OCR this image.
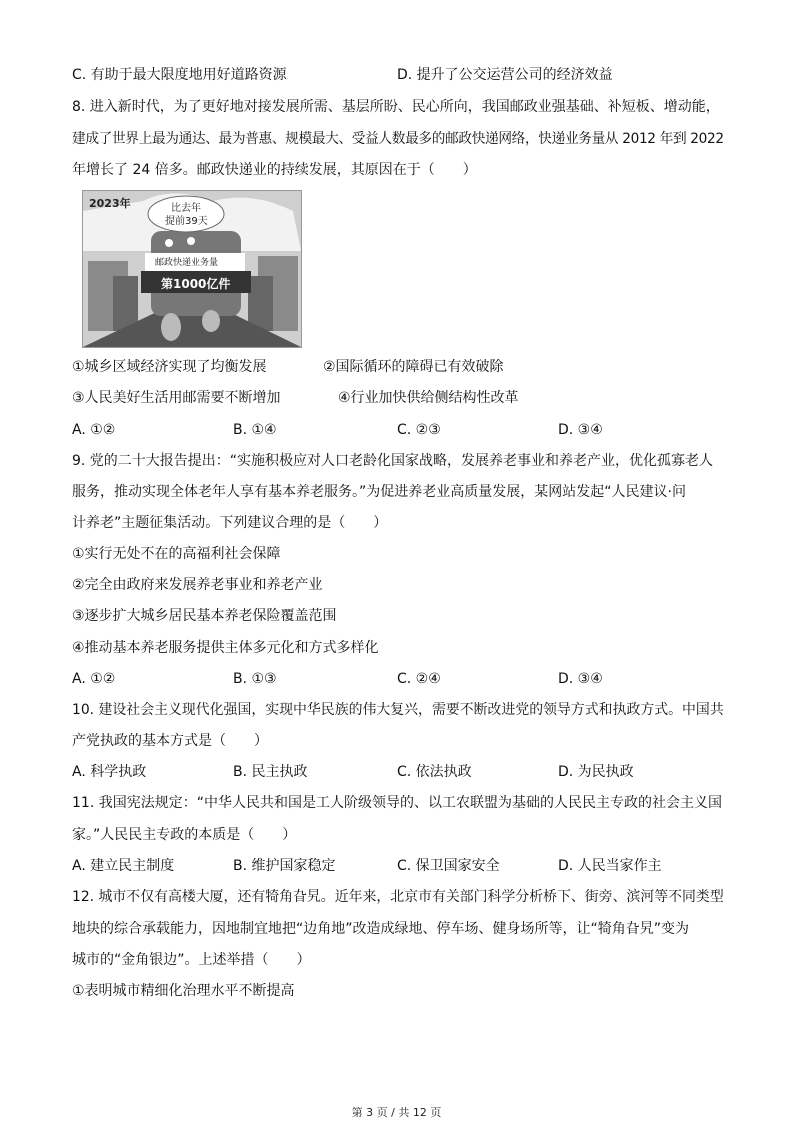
C. 有助于最大限度地用好道路资源	D. 提升了公交运营公司的经济效益
8. 进入新时代，为了更好地对接发展所需、基层所盼、民心所向，我国邮政业强基础、补短板、增动能，
建成了世界上最为通达、最为普惠、规模最大、受益人数最多的邮政快递网络，快递业务量从 2012 年到 2022
年增长了 24 倍多。邮政快递业的持续发展，其原因在于（　　）
2023年	比去年
提前39天
邮政快递业务量
第1000亿件
①城乡区域经济实现了均衡发展	②国际循环的障碍已有效破除
③人民美好生活用邮需要不断增加	④行业加快供给侧结构性改革
A. ①②	B. ①④	C. ②③	D. ③④
9. 党的二十大报告提出：“实施积极应对人口老龄化国家战略，发展养老事业和养老产业，优化孤寡老人
服务，推动实现全体老年人享有基本养老服务。”为促进养老业高质量发展，某网站发起“人民建议·问
计养老”主题征集活动。下列建议合理的是（　　）
①实行无处不在的高福利社会保障
②完全由政府来发展养老事业和养老产业
③逐步扩大城乡居民基本养老保险覆盖范围
④推动基本养老服务提供主体多元化和方式多样化
A. ①②	B. ①③	C. ②④	D. ③④
10. 建设社会主义现代化强国，实现中华民族的伟大复兴，需要不断改进党的领导方式和执政方式。中国共
产党执政的基本方式是（　　）
A. 科学执政	B. 民主执政	C. 依法执政	D. 为民执政
11. 我国宪法规定：“中华人民共和国是工人阶级领导的、以工农联盟为基础的人民民主专政的社会主义国
家。”人民民主专政的本质是（　　）
A. 建立民主制度	B. 维护国家稳定	C. 保卫国家安全	D. 人民当家作主
12. 城市不仅有高楼大厦，还有犄角旮旯。近年来，北京市有关部门科学分析桥下、街旁、滨河等不同类型
地块的综合承载能力，因地制宜地把“边角地”改造成绿地、停车场、健身场所等，让“犄角旮旯”变为
城市的“金角银边”。上述举措（　　）
①表明城市精细化治理水平不断提高
第 3 页 / 共 12 页
